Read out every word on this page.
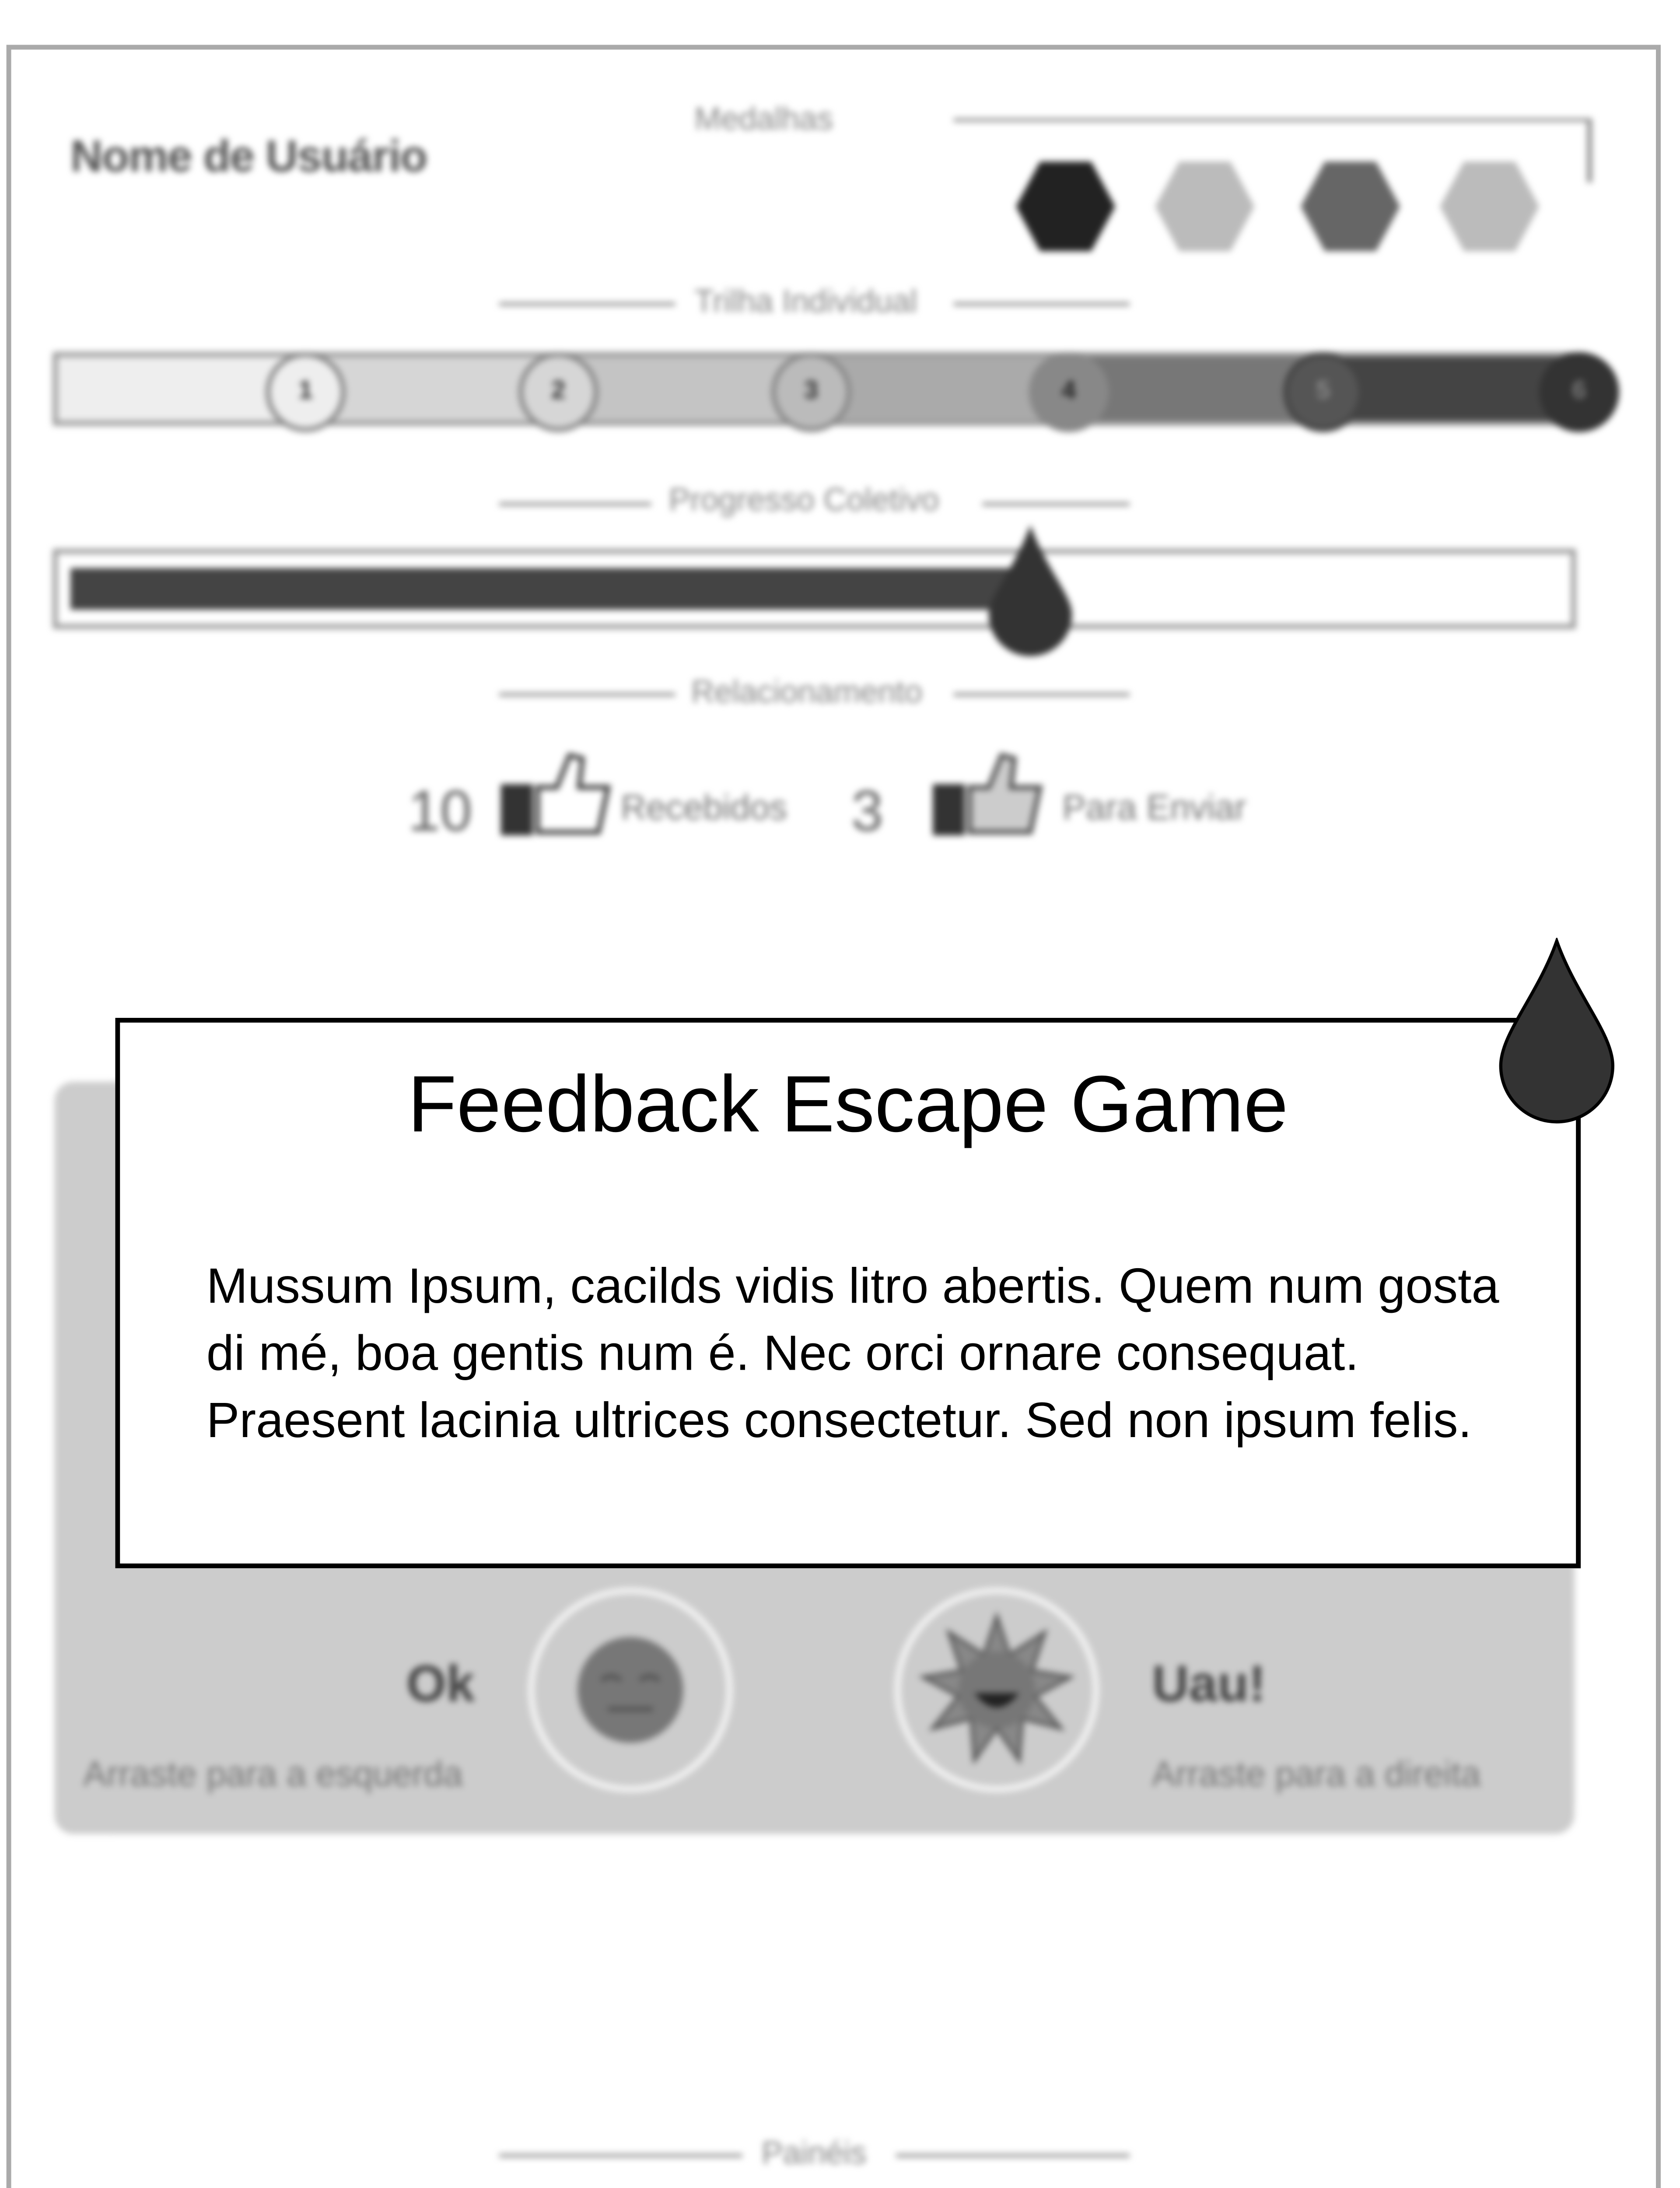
Nome de Usuário
Medalhas
Trilha Individual
1	2	3	4	5	6
Progresso Coletivo
Relacionamento
10	Recebidos	3	Para Enviar
Ok
Arraste para a esquerda
Uau!
Arraste para a direita
Painéis
Feedback Escape Game
Mussum Ipsum, cacilds vidis litro abertis. Quem num gosta di mé, boa gentis num é. Nec orci ornare consequat. Praesent lacinia ultrices consectetur. Sed non ipsum felis.
